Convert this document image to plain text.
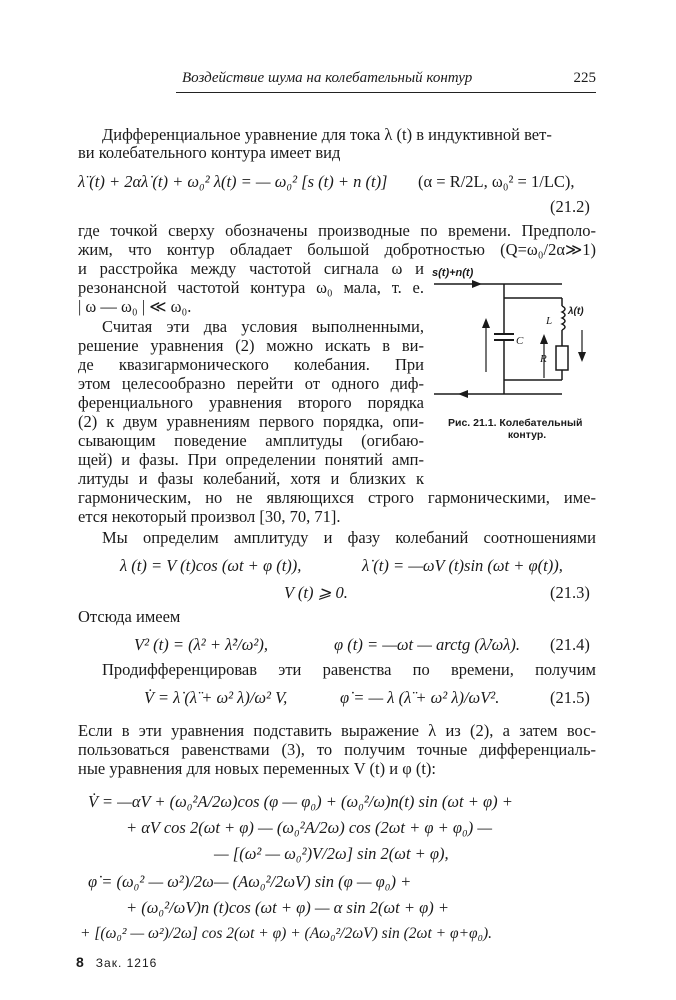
Воздействие шума на колебательный контур	225
Дифференциальное уравнение для тока λ (t) в индуктивной вет-
ви колебательного контура имеет вид
λ̈ (t) + 2αλ̇ (t) + ω₀² λ(t) = — ω₀² [s (t) + n (t)] (α = R/2L, ω₀² = 1/LC),
(21.2)
где точкой сверху обозначены производные по времени. Предполо-
жим, что контур обладает большой добротностью (Q=ω₀/2α≫1)
и расстройка между частотой сигнала ω и
резонансной частотой контура ω₀ мала, т. е.
| ω — ω₀ | ≪ ω₀.
Считая эти два условия выполненными,
решение уравнения (2) можно искать в ви-
де квазигармонического колебания. При
этом целесообразно перейти от одного диф-
ференциального уравнения второго порядка
(2) к двум уравнениям первого порядка, опи-
сывающим поведение амплитуды (огибаю-
щей) и фазы. При определении понятий амп-
литуды и фазы колебаний, хотя и близких к
гармоническим, но не являющихся строго гармоническими, име-
ется некоторый произвол [30, 70, 71].
s(t)+n(t)
C
L
R
λ(t)
Рис. 21.1. Колебательный
контур.
Мы определим амплитуду и фазу колебаний соотношениями
λ (t) = V (t)cos (ωt + φ (t)),	λ̇ (t) = —ωV (t)sin (ωt + φ(t)),
V (t) ⩾ 0.	(21.3)
Отсюда имеем
V² (t) = (λ² + λ̇²/ω²),	φ (t) = —ωt — arctg (λ̇/ωλ). (21.4)
Продифференцировав эти равенства по времени, получим
V̇ = λ̇ (λ̈ + ω² λ)/ω² V,	φ̇ = — λ (λ̈ + ω² λ)/ωV².	(21.5)
Если в эти уравнения подставить выражение λ из (2), а затем вос-
пользоваться равенствами (3), то получим точные дифференциаль-
ные уравнения для новых переменных V (t) и φ (t):
V̇ = —αV + (ω₀²A/2ω)cos (φ — φ₀) + (ω₀²/ω)n(t) sin (ωt + φ) +
+ αV cos 2(ωt + φ) — (ω₀²A/2ω) cos (2ωt + φ + φ₀) —
— [(ω² — ω₀²)V/2ω] sin 2(ωt + φ),
φ̇ = (ω₀² — ω²)/2ω— (Aω₀²/2ωV) sin (φ — φ₀) +
+ (ω₀²/ωV)n (t)cos (ωt + φ) — α sin 2(ωt + φ) +
+ [(ω₀² — ω²)/2ω] cos 2(ωt + φ) + (Aω₀²/2ωV) sin (2ωt + φ+φ₀).
8 Зак. 1216
